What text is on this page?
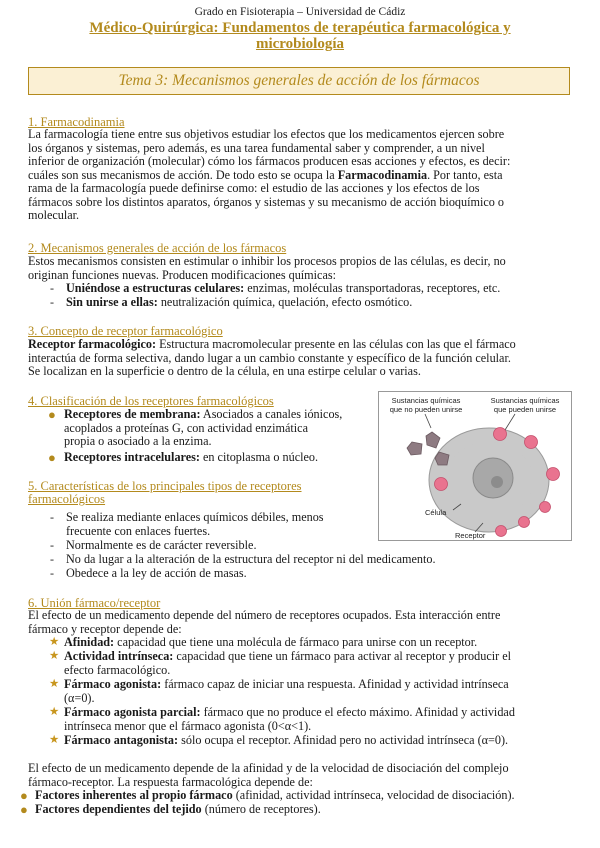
Grado en Fisioterapia – Universidad de Cádiz
Médico-Quirúrgica: Fundamentos de terapéutica farmacológica y
microbiología
Tema 3: Mecanismos generales de acción de los fármacos
1. Farmacodinamia
La farmacología tiene entre sus objetivos estudiar los efectos que los medicamentos ejercen sobre
los órganos y sistemas, pero además, es una tarea fundamental saber y comprender, a un nivel
inferior de organización (molecular) cómo los fármacos producen esas acciones y efectos, es decir:
cuáles son sus mecanismos de acción. De todo esto se ocupa la Farmacodinamia. Por tanto, esta
rama de la farmacología puede definirse como: el estudio de las acciones y los efectos de los
fármacos sobre los distintos aparatos, órganos y sistemas y su mecanismo de acción bioquímico o
molecular.
2. Mecanismos generales de acción de los fármacos
Estos mecanismos consisten en estimular o inhibir los procesos propios de las células, es decir, no
originan funciones nuevas. Producen modificaciones químicas:
- Uniéndose a estructuras celulares: enzimas, moléculas transportadoras, receptores, etc.
- Sin unirse a ellas: neutralización química, quelación, efecto osmótico.
3. Concepto de receptor farmacológico
Receptor farmacológico: Estructura macromolecular presente en las células con las que el fármaco
interactúa de forma selectiva, dando lugar a un cambio constante y específico de la función celular.
Se localizan en la superficie o dentro de la célula, en una estirpe celular o varias.
4. Clasificación de los receptores farmacológicos
● Receptores de membrana: Asociados a canales iónicos,
acoplados a proteínas G, con actividad enzimática
propia o asociado a la enzima.
● Receptores intracelulares: en citoplasma o núcleo.
5. Características de los principales tipos de receptores
farmacológicos
- Se realiza mediante enlaces químicos débiles, menos
frecuente con enlaces fuertes.
- Normalmente es de carácter reversible.
- No da lugar a la alteración de la estructura del receptor ni del medicamento.
- Obedece a la ley de acción de masas.
Sustancias químicas
que no pueden unirse
Sustancias químicas
que pueden unirse
Célula
Receptor
6. Unión fármaco/receptor
El efecto de un medicamento depende del número de receptores ocupados. Esta interacción entre
fármaco y receptor depende de:
★ Afinidad: capacidad que tiene una molécula de fármaco para unirse con un receptor.
★ Actividad intrínseca: capacidad que tiene un fármaco para activar al receptor y producir el
efecto farmacológico.
★ Fármaco agonista: fármaco capaz de iniciar una respuesta. Afinidad y actividad intrínseca
(α=0).
★ Fármaco agonista parcial: fármaco que no produce el efecto máximo. Afinidad y actividad
intrínseca menor que el fármaco agonista (0<α<1).
★ Fármaco antagonista: sólo ocupa el receptor. Afinidad pero no actividad intrínseca (α=0).
El efecto de un medicamento depende de la afinidad y de la velocidad de disociación del complejo
fármaco-receptor. La respuesta farmacológica depende de:
● Factores inherentes al propio fármaco (afinidad, actividad intrínseca, velocidad de disociación).
● Factores dependientes del tejido (número de receptores).
